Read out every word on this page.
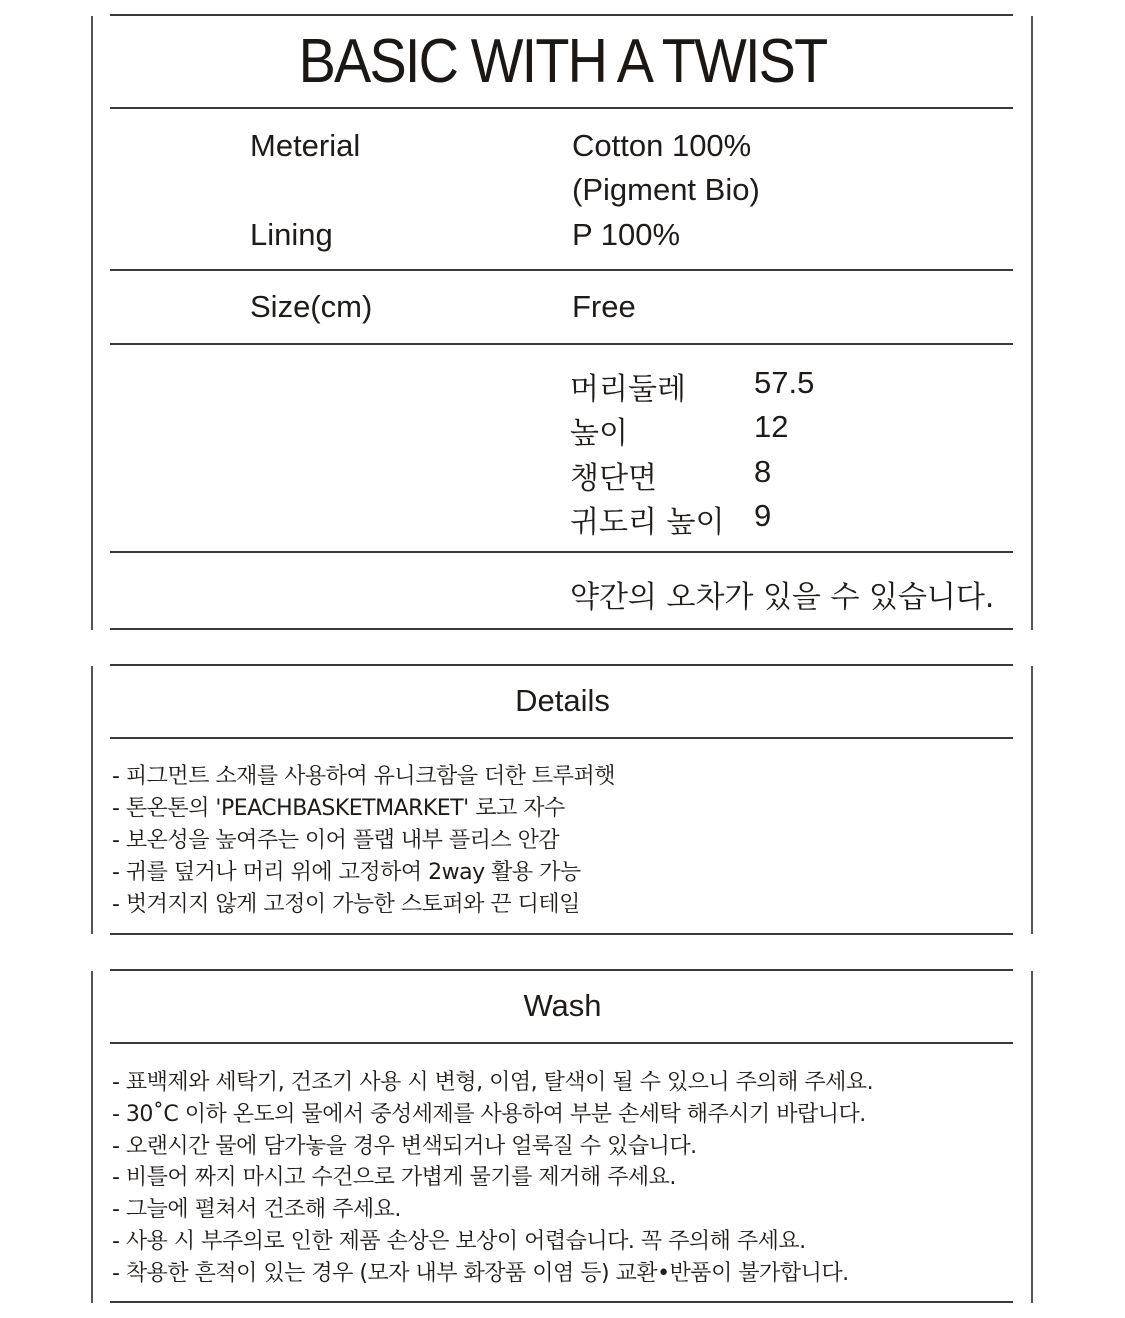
BASIC WITH A TWIST
Meterial	Cotton 100%
(Pigment Bio)
Lining	P 100%
Size(cm)	Free
머리둘레 57.5
높이	12
챙단면	8
귀도리 높이 9
약간의 오차가 있을 수 있습니다.
Details
- 피그먼트 소재를 사용하여 유니크함을 더한 트루퍼햇
- 톤온톤의 'PEACHBASKETMARKET' 로고 자수
- 보온성을 높여주는 이어 플랩 내부 플리스 안감
- 귀를 덮거나 머리 위에 고정하여 2way 활용 가능
- 벗겨지지 않게 고정이 가능한 스토퍼와 끈 디테일
Wash
- 표백제와 세탁기, 건조기 사용 시 변형, 이염, 탈색이 될 수 있으니 주의해 주세요.
- 30˚C 이하 온도의 물에서 중성세제를 사용하여 부분 손세탁 해주시기 바랍니다.
- 오랜시간 물에 담가놓을 경우 변색되거나 얼룩질 수 있습니다.
- 비틀어 짜지 마시고 수건으로 가볍게 물기를 제거해 주세요.
- 그늘에 펼쳐서 건조해 주세요.
- 사용 시 부주의로 인한 제품 손상은 보상이 어렵습니다. 꼭 주의해 주세요.
- 착용한 흔적이 있는 경우 (모자 내부 화장품 이염 등) 교환•반품이 불가합니다.
